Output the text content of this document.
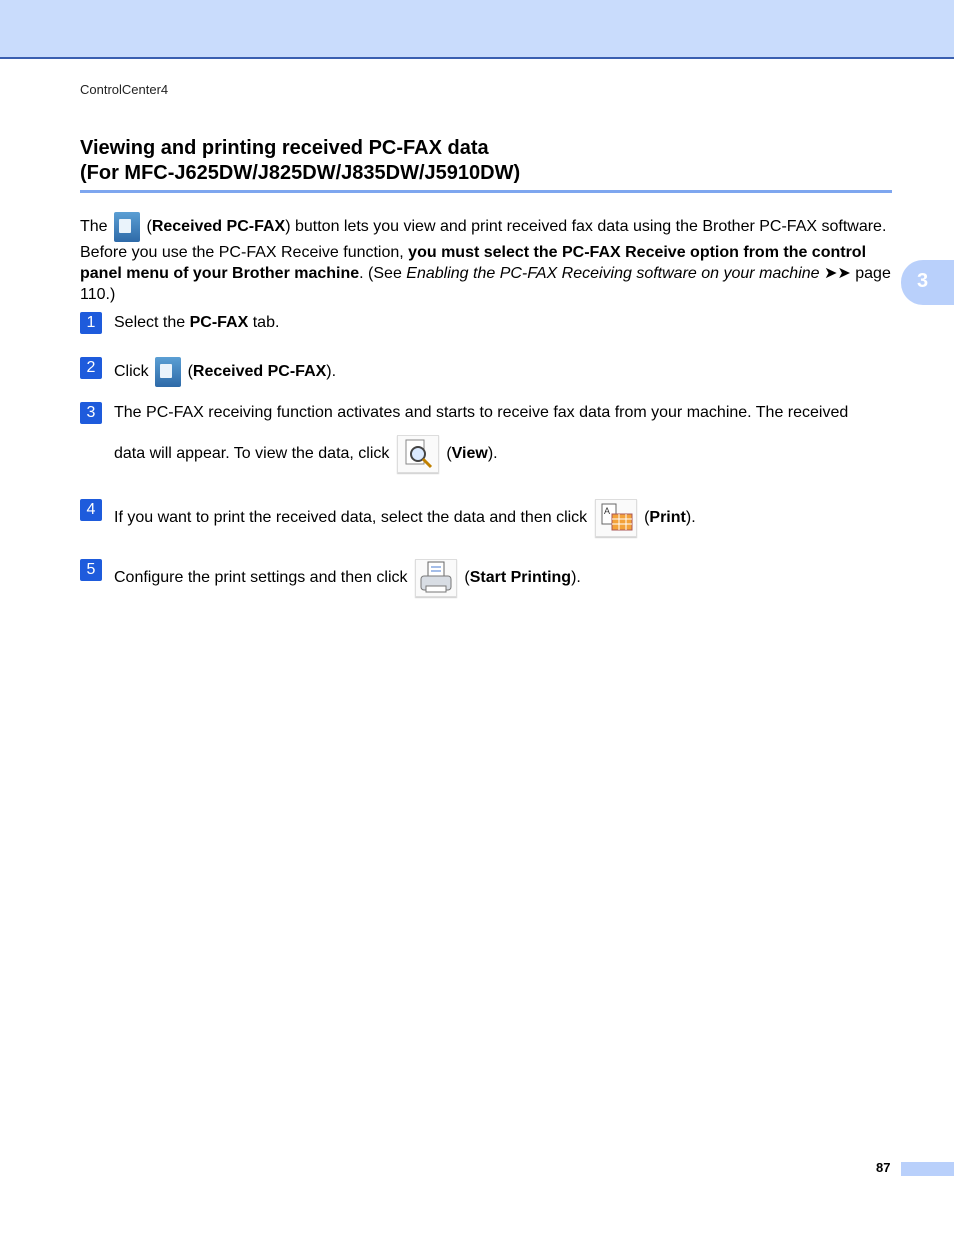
ControlCenter4
Viewing and printing received PC-FAX data
(For MFC-J625DW/J825DW/J835DW/J5910DW)
3
The  (Received PC-FAX) button lets you view and print received fax data using the Brother PC-FAX software. Before you use the PC-FAX Receive function, you must select the PC-FAX Receive option from the control panel menu of your Brother machine. (See Enabling the PC-FAX Receiving software on your machine ➤➤ page 110.)
1	Select the PC-FAX tab.
2	Click  (Received PC-FAX).
3	The PC-FAX receiving function activates and starts to receive fax data from your machine. The received
data will appear. To view the data, click	(View).
4	If you want to print the received data, select the data and then click A (Print).
5	Configure the print settings and then click	(Start Printing).
87
